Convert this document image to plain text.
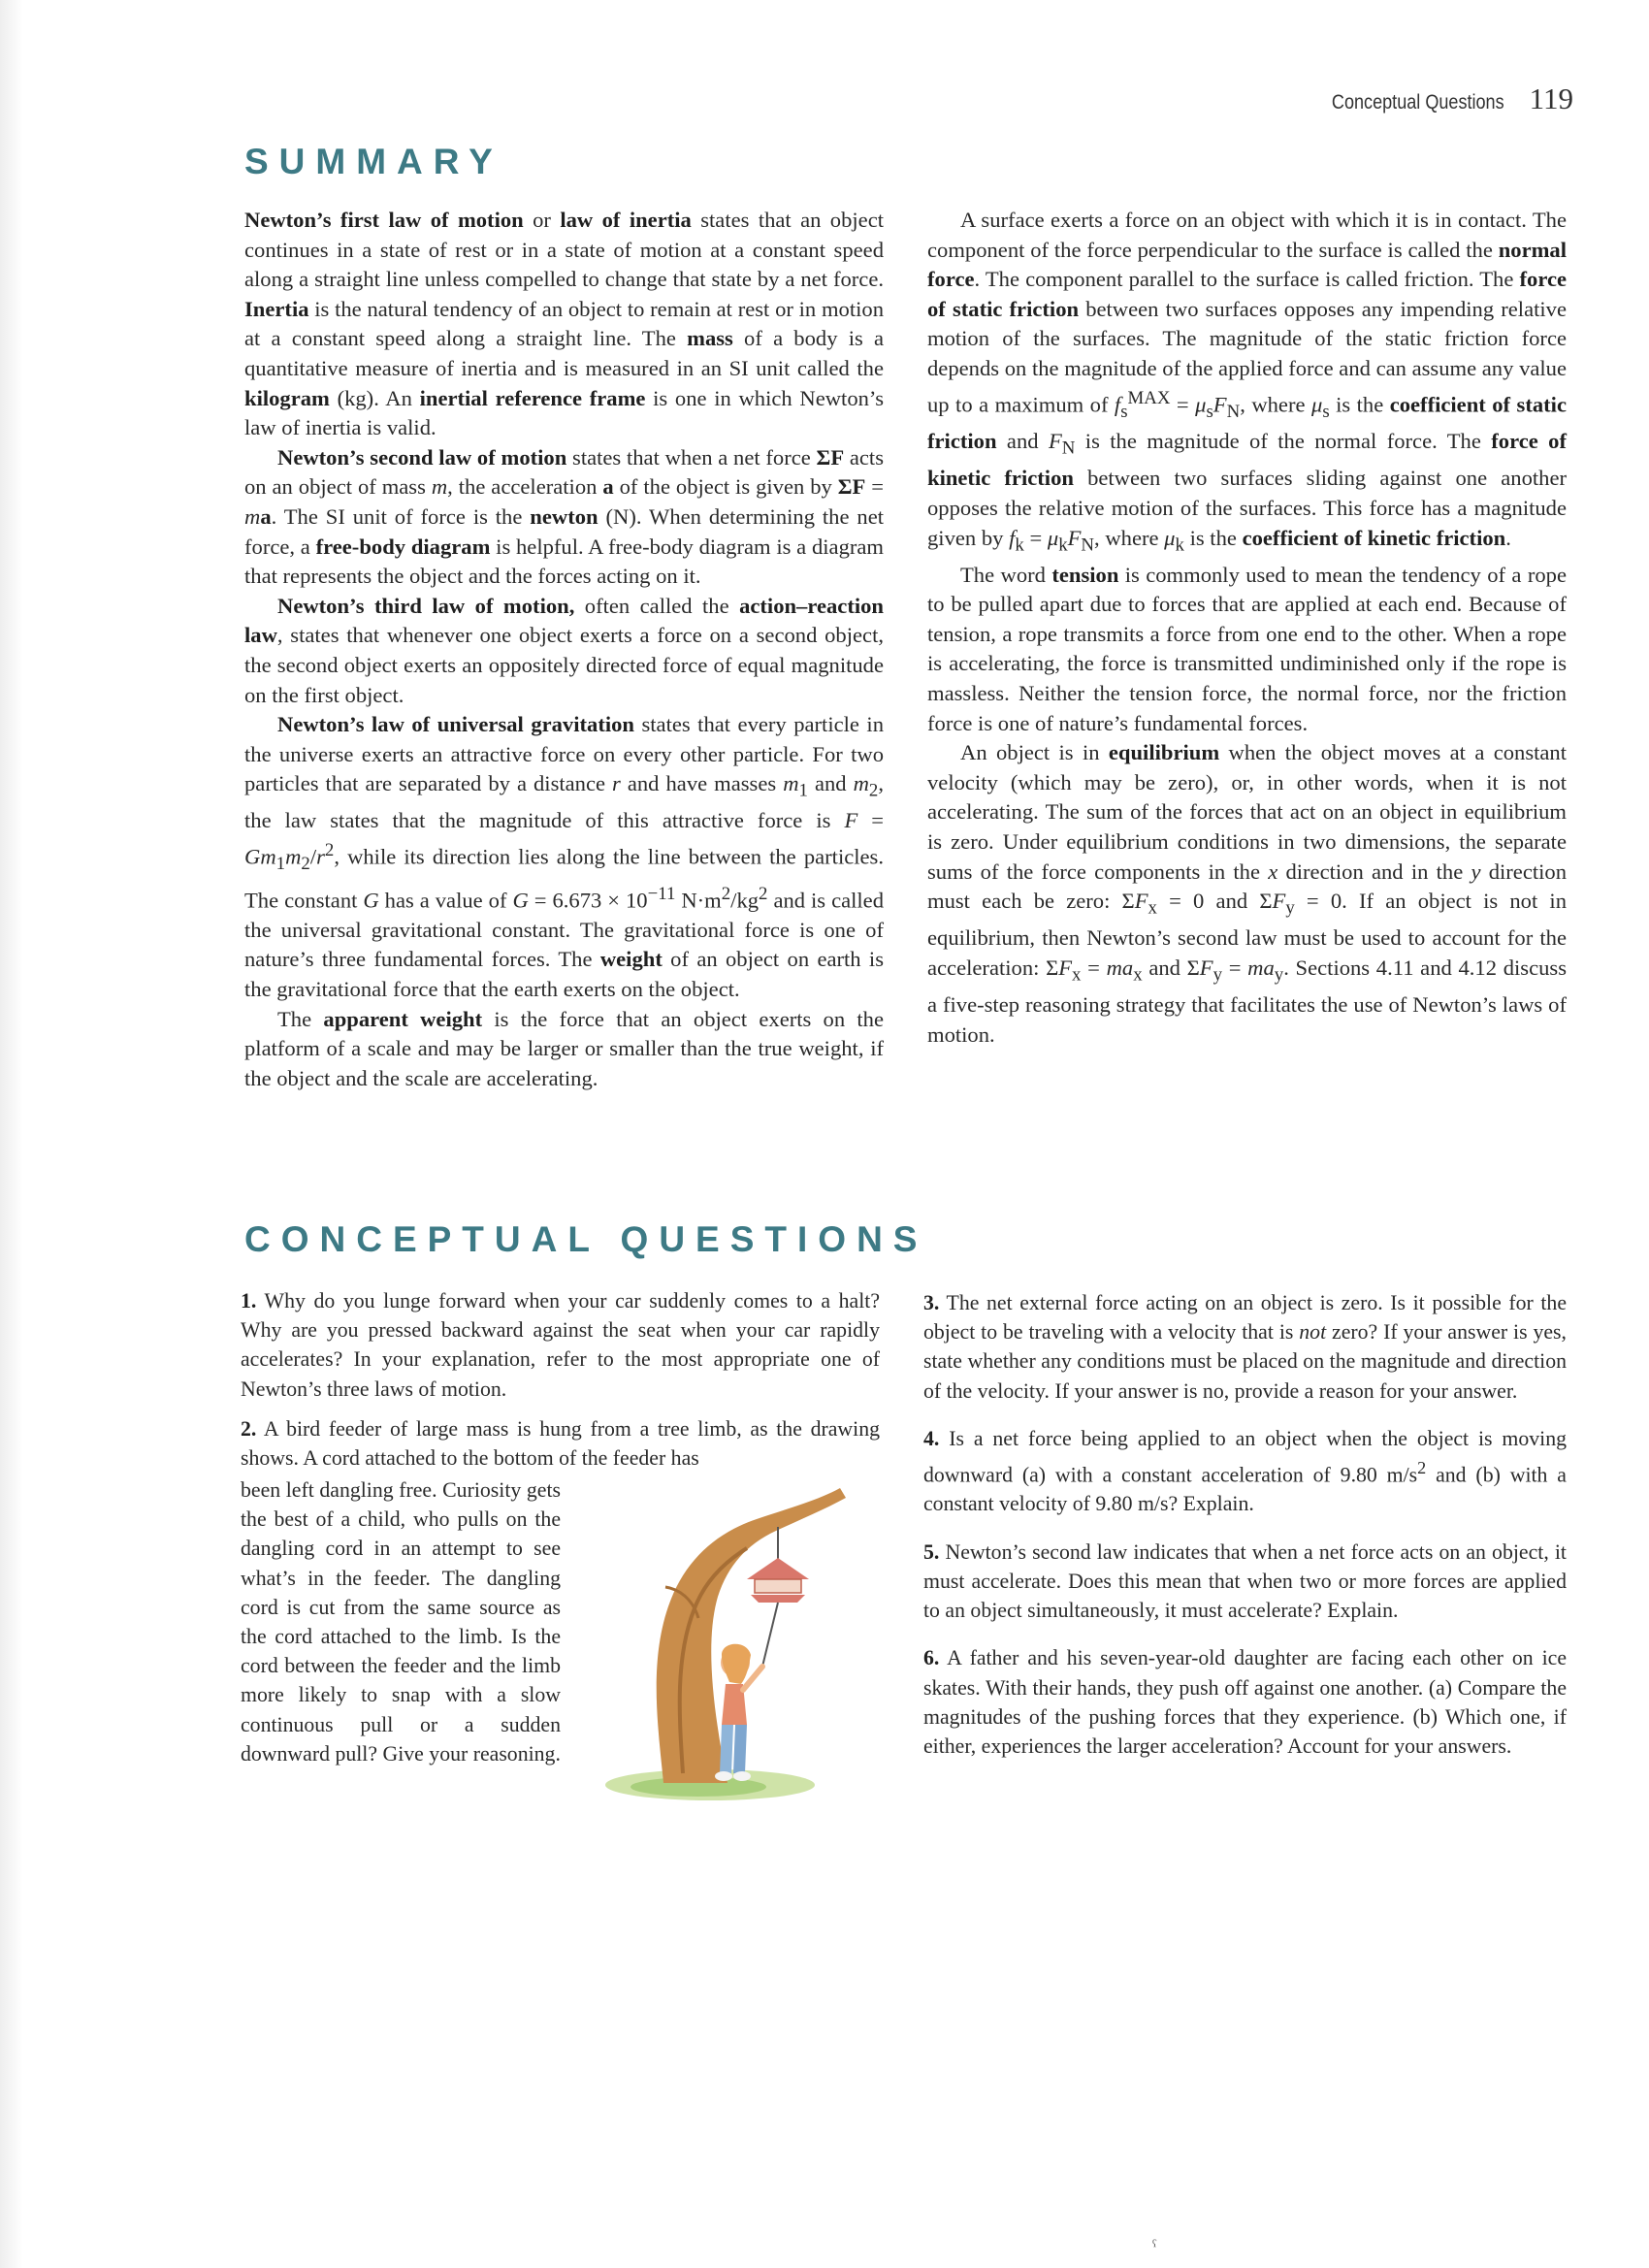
Conceptual Questions 119
SUMMARY

Newton’s first law of motion or law of inertia states that an object continues in a state of rest or in a state of motion at a constant speed along a straight line unless compelled to change that state by a net force. Inertia is the natural tendency of an object to remain at rest or in motion at a constant speed along a straight line. The mass of a body is a quantitative measure of inertia and is measured in an SI unit called the kilogram (kg). An inertial reference frame is one in which Newton’s law of inertia is valid.

Newton’s second law of motion states that when a net force ΣF acts on an object of mass m, the acceleration a of the object is given by ΣF = ma. The SI unit of force is the newton (N). When determining the net force, a free-body diagram is helpful. A free-body diagram is a diagram that represents the object and the forces acting on it.

Newton’s third law of motion, often called the action–reaction law, states that whenever one object exerts a force on a second object, the second object exerts an oppositely directed force of equal magnitude on the first object.

Newton’s law of universal gravitation states that every particle in the universe exerts an attractive force on every other particle. For two particles that are separated by a distance r and have masses $m_1$ and $m_2$, the law states that the magnitude of this attractive force is $F = Gm_1m_2/r^2$, while its direction lies along the line between the particles. The constant G has a value of $G = 6.673 \times 10^{-11}$ $N\cdot m^2/kg^2$ and is called the universal gravitational constant. The gravitational force is one of nature’s three fundamental forces. The weight of an object on earth is the gravitational force that the earth exerts on the object.

The apparent weight is the force that an object exerts on the platform of a scale and may be larger or smaller than the true weight, if the object and the scale are accelerating.

A surface exerts a force on an object with which it is in contact. The component of the force perpendicular to the surface is called the normal force. The component parallel to the surface is called friction. The force of static friction between two surfaces opposes any impending relative motion of the surfaces. The magnitude of the static friction force depends on the magnitude of the applied force and can assume any value up to a maximum of $f_s^{MAX} = \mu_sF_N$, where $\mu_s$ is the coefficient of static friction and $F_N$ is the magnitude of the normal force. The force of kinetic friction between two surfaces sliding against one another opposes the relative motion of the surfaces. This force has a magnitude given by $f_k = \mu_kF_N$, where $\mu_k$ is the coefficient of kinetic friction.

The word tension is commonly used to mean the tendency of a rope to be pulled apart due to forces that are applied at each end. Because of tension, a rope transmits a force from one end to the other. When a rope is accelerating, the force is transmitted undiminished only if the rope is massless. Neither the tension force, the normal force, nor the friction force is one of nature’s fundamental forces.

An object is in equilibrium when the object moves at a constant velocity (which may be zero), or, in other words, when it is not accelerating. The sum of the forces that act on an object in equilibrium is zero. Under equilibrium conditions in two dimensions, the separate sums of the force components in the x direction and in the y direction must each be zero: $\Sigma F_x = 0$ and $\Sigma F_y = 0$. If an object is not in equilibrium, then Newton’s second law must be used to account for the acceleration: $\Sigma F_x = ma_x$ and $\Sigma F_y = ma_y$. Sections 4.11 and 4.12 discuss a five-step reasoning strategy that facilitates the use of Newton’s laws of motion.

CONCEPTUAL QUESTIONS

1. Why do you lunge forward when your car suddenly comes to a halt? Why are you pressed backward against the seat when your car rapidly accelerates? In your explanation, refer to the most appropriate one of Newton’s three laws of motion.

2. A bird feeder of large mass is hung from a tree limb, as the drawing shows. A cord attached to the bottom of the feeder has

been left dangling free. Curiosity gets the best of a child, who pulls on the dangling cord in an attempt to see what’s in the feeder. The dangling cord is cut from the same source as the cord attached to the limb. Is the cord between the feeder and the limb more likely to snap with a slow continuous pull or a sudden downward pull? Give your reasoning.

3. The net external force acting on an object is zero. Is it possible for the object to be traveling with a velocity that is not zero? If your answer is yes, state whether any conditions must be placed on the magnitude and direction of the velocity. If your answer is no, provide a reason for your answer.

4. Is a net force being applied to an object when the object is moving downward (a) with a constant acceleration of 9.80 $m/s^2$ and (b) with a constant velocity of 9.80 m/s? Explain.

5. Newton’s second law indicates that when a net force acts on an object, it must accelerate. Does this mean that when two or more forces are applied to an object simultaneously, it must accelerate? Explain.

6. A father and his seven-year-old daughter are facing each other on ice skates. With their hands, they push off against one another. (a) Compare the magnitudes of the pushing forces that they experience. (b) Which one, if either, experiences the larger acceleration? Account for your answers.

ˁ
